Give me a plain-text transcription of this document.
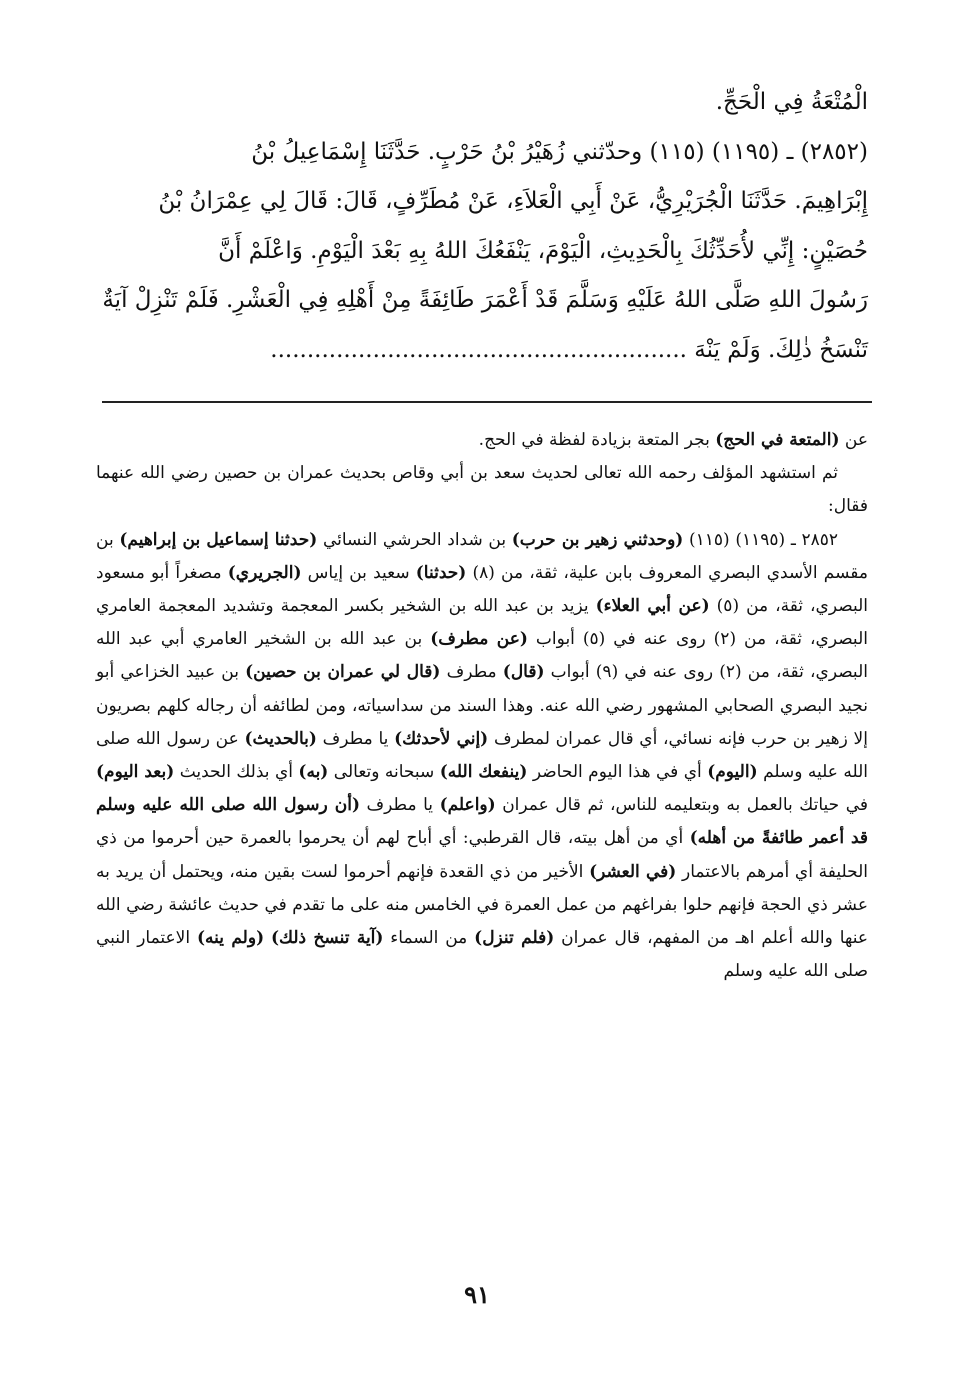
الْمُتْعَةُ فِي الْحَجِّ.
(٢٨٥٢) ـ (١١٩٥) (١١٥) وحدّثني زُهَيْرُ بْنُ حَرْبٍ. حَدَّثَنَا إِسْمَاعِيلُ بْنُ
إِبْرَاهِيمَ. حَدَّثَنَا الْجُرَيْرِيُّ، عَنْ أَبِي الْعَلاَءِ، عَنْ مُطَرِّفٍ، قَالَ: قَالَ لِي عِمْرَانُ بْنُ
حُصَيْنٍ: إِنِّي لأُحَدِّثُكَ بِالْحَدِيثِ، الْيَوْمَ، يَنْفَعُكَ اللهُ بِهِ بَعْدَ الْيَوْمِ. وَاعْلَمْ أَنَّ
رَسُولَ اللهِ صَلَّى اللهُ عَلَيْهِ وَسَلَّمَ قَدْ أَعْمَرَ طَائِفَةً مِنْ أَهْلِهِ فِي الْعَشْرِ. فَلَمْ تَنْزِلْ آيَةٌ
تَنْسَخُ ذٰلِكَ. وَلَمْ يَنْهَ .........................................................

عن (المتعة في الحج) بجر المتعة بزيادة لفظة في الحج.

ثم استشهد المؤلف رحمه الله تعالى لحديث سعد بن أبي وقاص بحديث عمران بن حصين رضي الله عنهما فقال:

٢٨٥٢ ـ (١١٩٥) (١١٥) (وحدثني زهير بن حرب) بن شداد الحرشي النسائي (حدثنا إسماعيل بن إبراهيم) بن مقسم الأسدي البصري المعروف بابن علية، ثقة، من (٨) (حدثنا) سعيد بن إياس (الجريري) مصغراً أبو مسعود البصري، ثقة، من (٥) (عن أبي العلاء) يزيد بن عبد الله بن الشخير بكسر المعجمة وتشديد المعجمة العامري البصري، ثقة، من (٢) روى عنه في (٥) أبواب (عن مطرف) بن عبد الله بن الشخير العامري أبي عبد الله البصري، ثقة، من (٢) روى عنه في (٩) أبواب (قال) مطرف (قال لي عمران بن حصين) بن عبيد الخزاعي أبو نجيد البصري الصحابي المشهور رضي الله عنه. وهذا السند من سداسياته، ومن لطائفه أن رجاله كلهم بصريون إلا زهير بن حرب فإنه نسائي، أي قال عمران لمطرف (إني لأحدثك) يا مطرف (بالحديث) عن رسول الله صلى الله عليه وسلم (اليوم) أي في هذا اليوم الحاضر (ينفعك الله) سبحانه وتعالى (به) أي بذلك الحديث (بعد اليوم) في حياتك بالعمل به وبتعليمه للناس، ثم قال عمران (واعلم) يا مطرف (أن رسول الله صلى الله عليه وسلم قد أعمر طائفةً من أهله) أي من أهل بيته، قال القرطبي: أي أباح لهم أن يحرموا بالعمرة حين أحرموا من ذي الحليفة أي أمرهم بالاعتمار (في العشر) الأخير من ذي القعدة فإنهم أحرموا لست بقين منه، ويحتمل أن يريد به عشر ذي الحجة فإنهم حلوا بفراغهم من عمل العمرة في الخامس منه على ما تقدم في حديث عائشة رضي الله عنها والله أعلم اهـ من المفهم، قال عمران (فلم تنزل) من السماء (آية تنسخ ذلك) (ولم ينه) الاعتمار النبي صلى الله عليه وسلم

٩١
